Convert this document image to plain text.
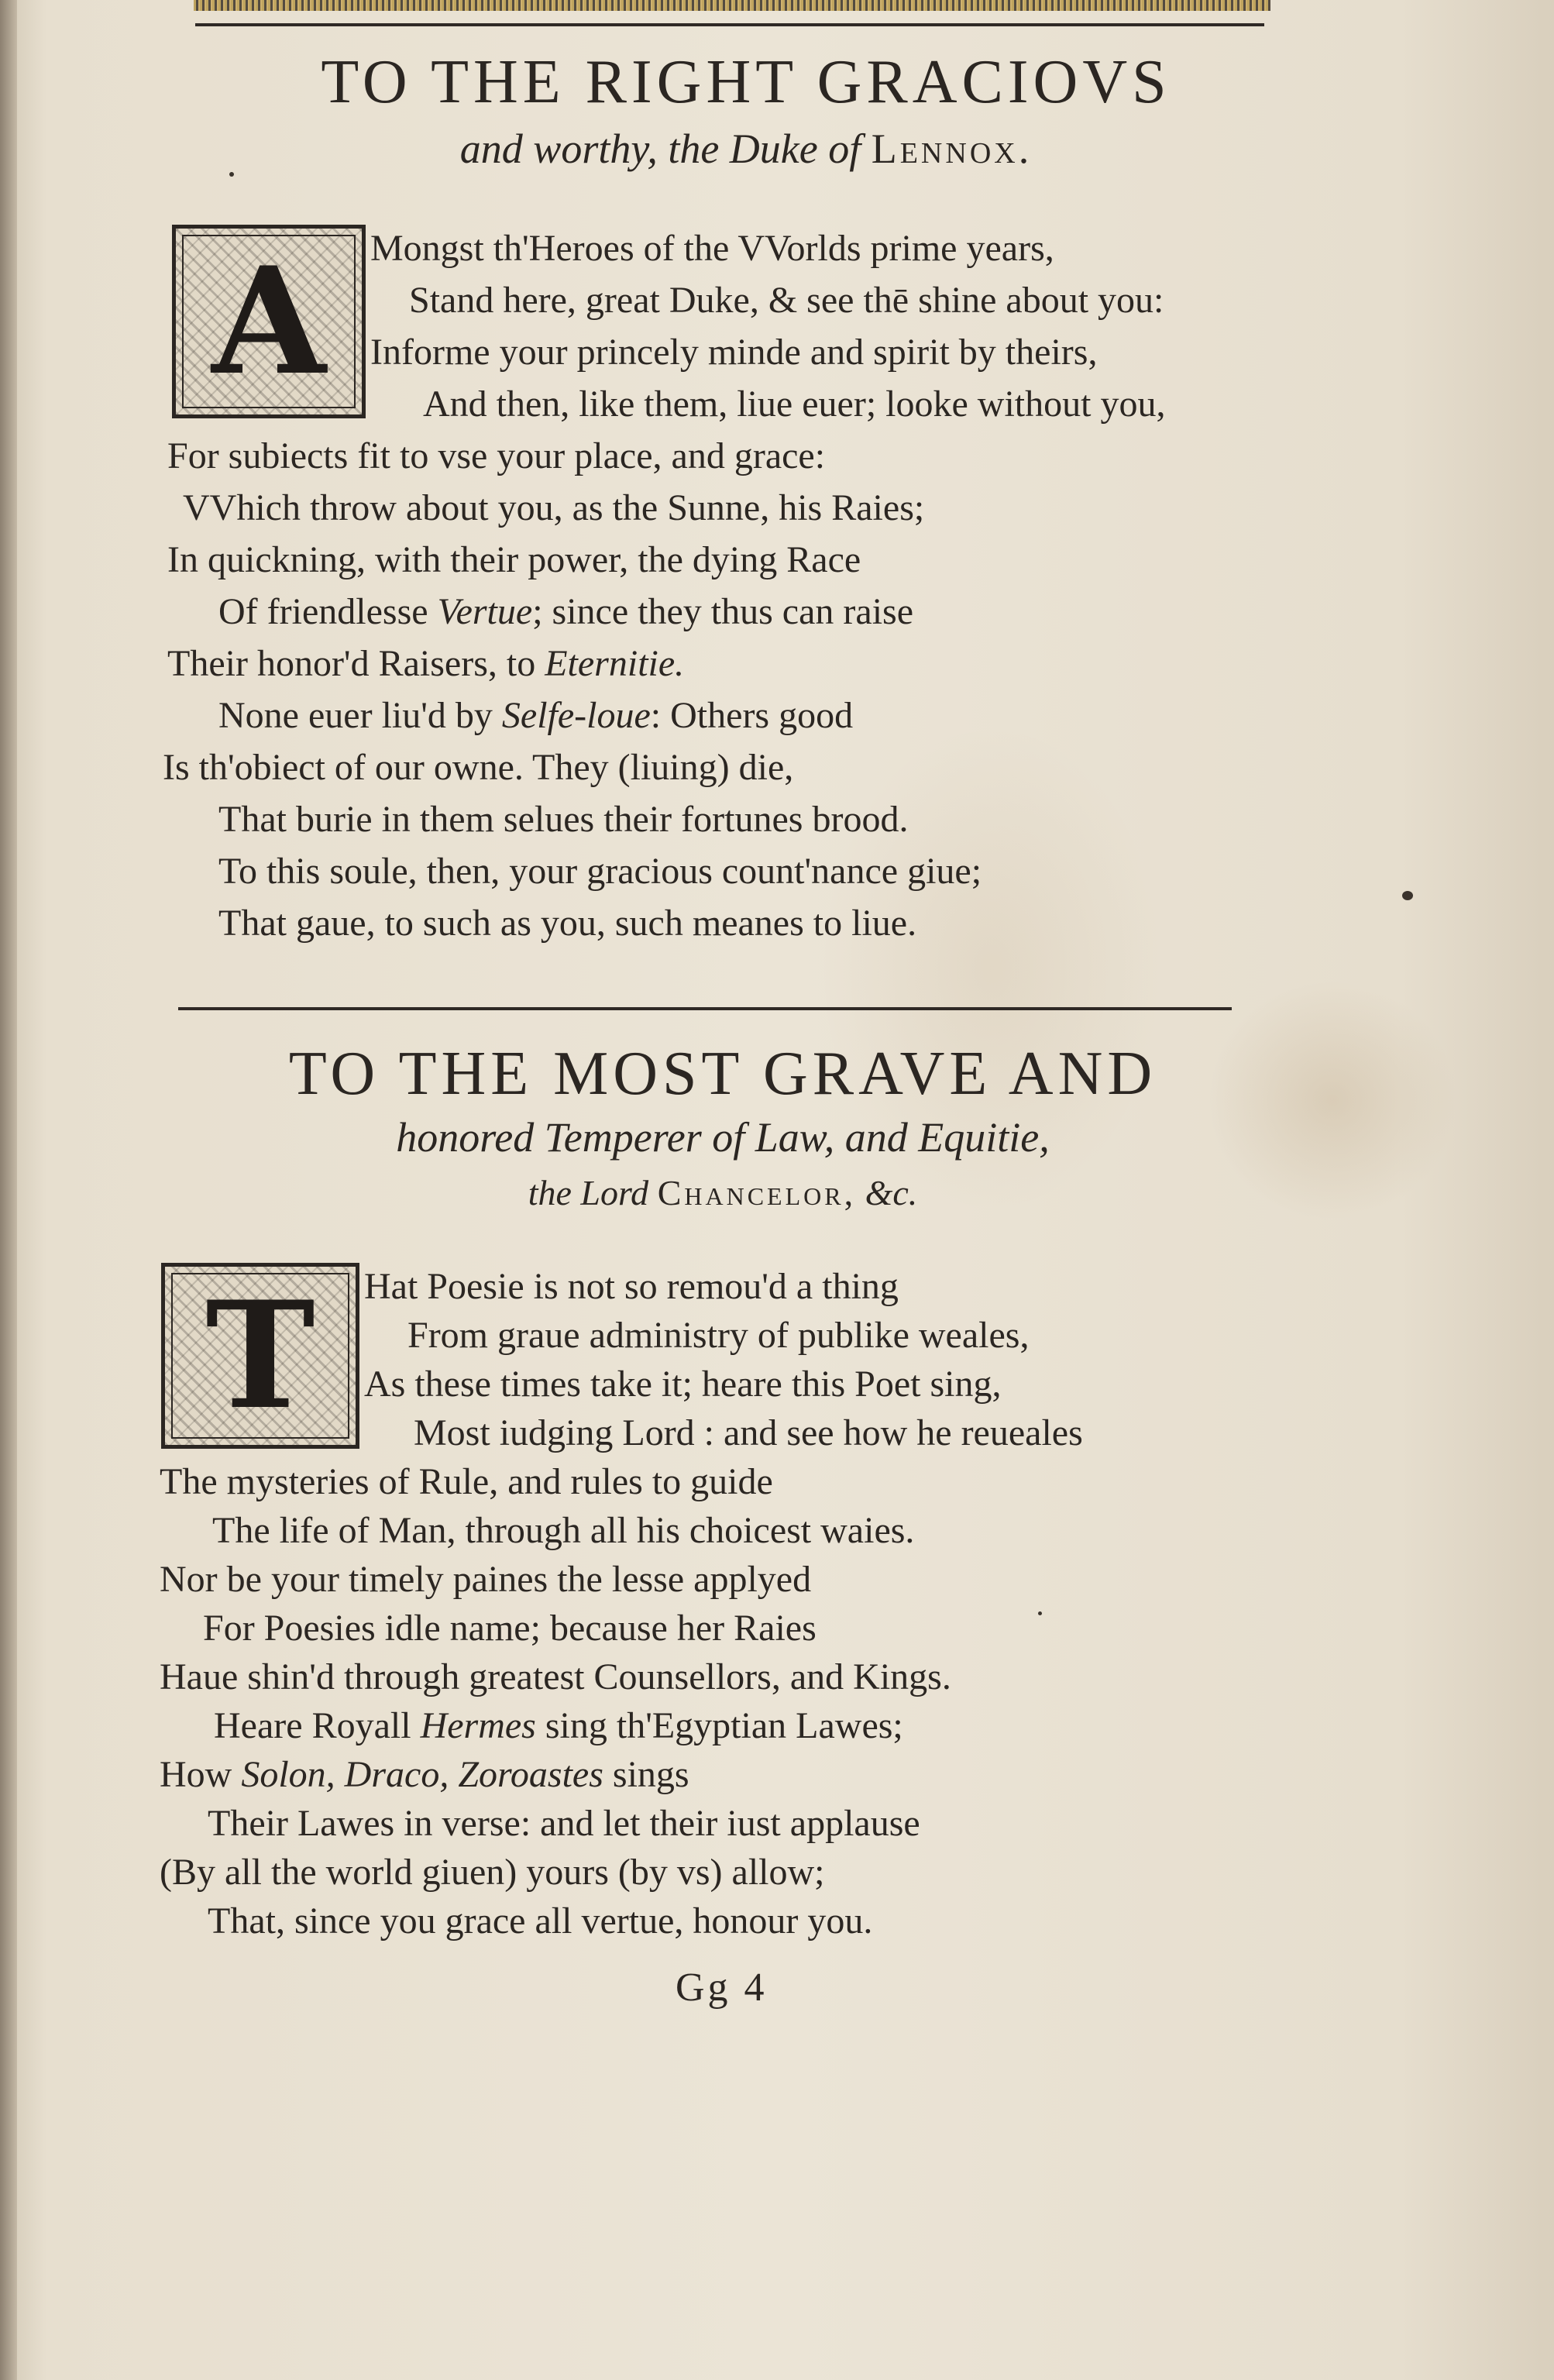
TO THE RIGHT GRACIOVS
and worthy, the Duke of Lennox.
A	Mongst th'Heroes of the VVorlds prime years,
Stand here, great Duke, & see thē shine about you:
Informe your princely minde and spirit by theirs,
And then, like them, liue euer; looke without you,
For subiects fit to vse your place, and grace:
VVhich throw about you, as the Sunne, his Raies;
In quickning, with their power, the dying Race
Of friendlesse Vertue; since they thus can raise
Their honor'd Raisers, to Eternitie.
None euer liu'd by Selfe-loue: Others good
Is th'obiect of our owne. They (liuing) die,
That burie in them selues their fortunes brood.
To this soule, then, your gracious count'nance giue;
That gaue, to such as you, such meanes to liue.
TO THE MOST GRAVE AND
honored Temperer of Law, and Equitie,
the Lord Chancelor, &c.
T	Hat Poesie is not so remou'd a thing
From graue administry of publike weales,
As these times take it; heare this Poet sing,
Most iudging Lord : and see how he reueales
The mysteries of Rule, and rules to guide
The life of Man, through all his choicest waies.
Nor be your timely paines the lesse applyed
For Poesies idle name; because her Raies
Haue shin'd through greatest Counsellors, and Kings.
Heare Royall Hermes sing th'Egyptian Lawes;
How Solon, Draco, Zoroastes sings
Their Lawes in verse: and let their iust applause
(By all the world giuen) yours (by vs) allow;
That, since you grace all vertue, honour you.
Gg 4
